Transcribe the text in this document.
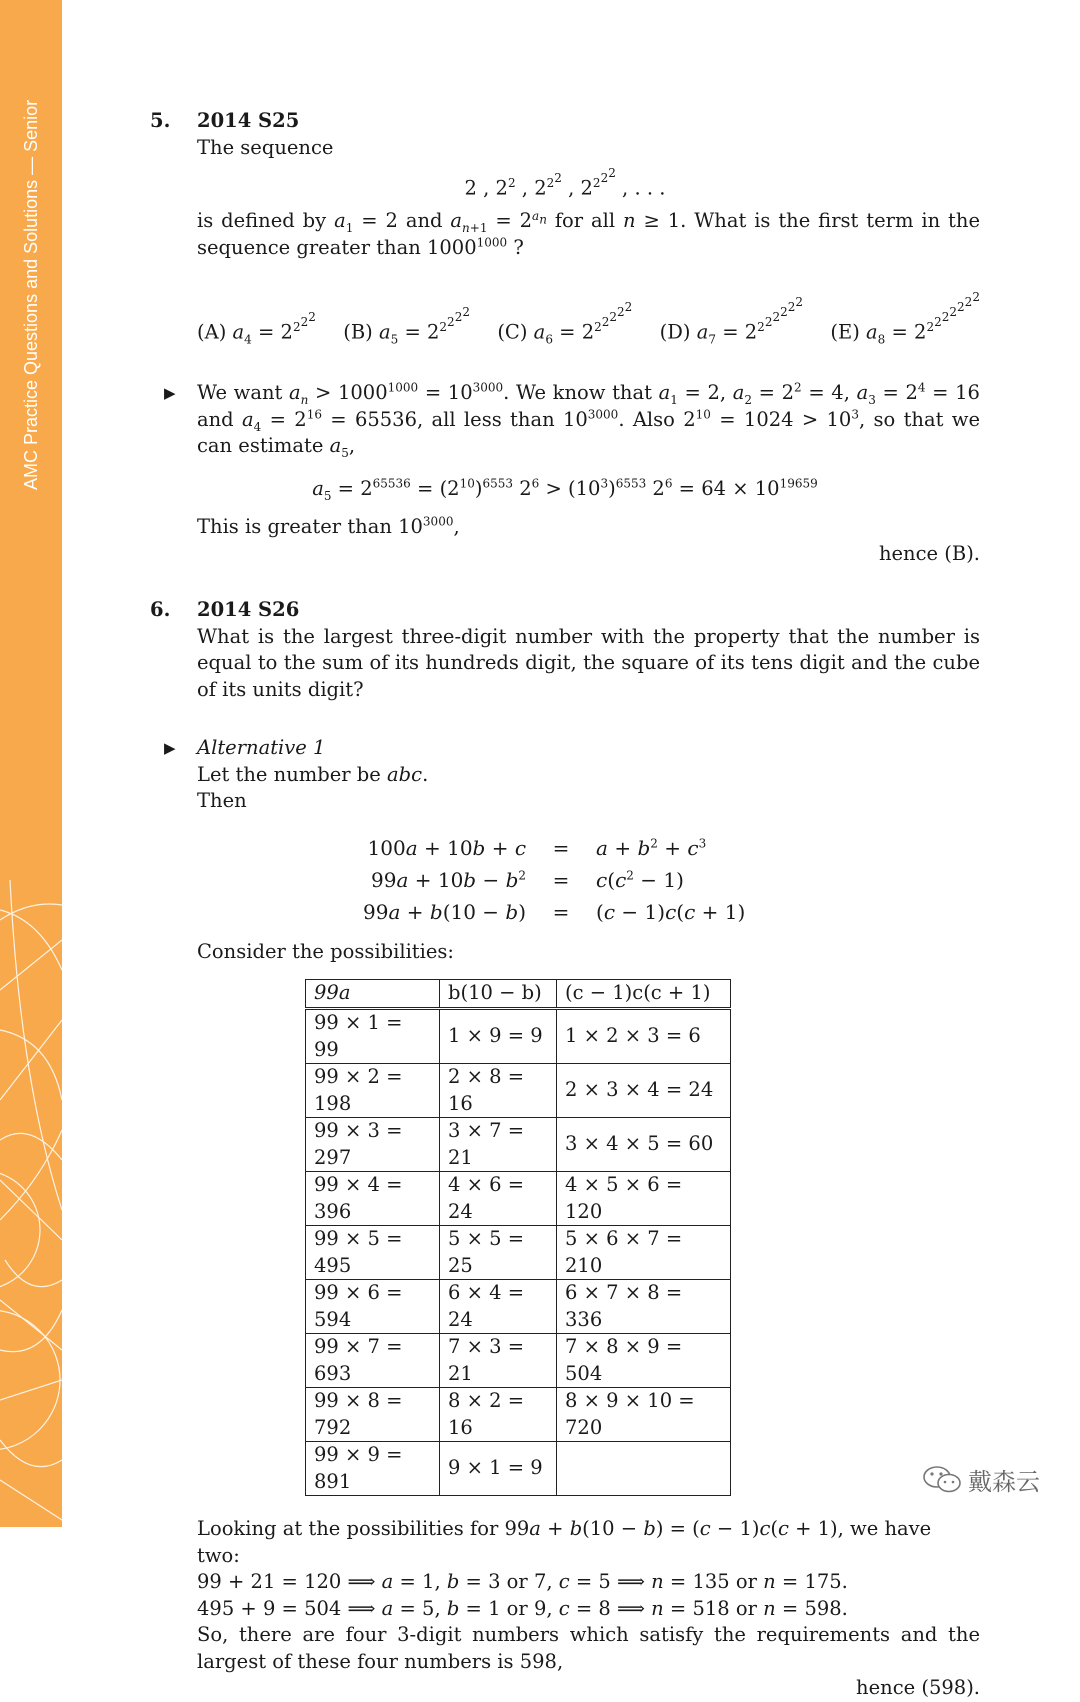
AMC Practice Questions and Solutions — Senior	5.	2014 S25
The sequence
2 , $2^2$ , $2^{2^2}$ , $2^{2^{2^2}}$ , . . .
is defined by $a_1 = 2$ and $a_{n+1} = 2^{a_n}$ for all n ≥ 1. What is the first term in the sequence greater than $1000^{1000}$ ?
(A) $a_4 = 2^{2^{2^2}}$
(B) $a_5 = 2^{2^{2^{2^2}}}$
(C) $a_6 = 2^{2^{2^{2^{2^2}}}}$
(D) $a_7 = 2^{2^{2^{2^{2^{2^2}}}}}$
(E) $a_8 = 2^{2^{2^{2^{2^{2^{2^2}}}}}}$
▶ We want $a_n > 1000^{1000} = 10^{3000}$. We know that $a_1 = 2$, $a_2 = 2^2 = 4$, $a_3 = 2^4 = 16$ and $a_4 = 2^{16} = 65536$, all less than $10^{3000}$. Also $2^{10} = 1024 > 10^3$, so that we can estimate $a_5$,
$a_5 = 2^{65536} = (2^{10})^{6553}$ $2^6 > (10^3)^{6553}$ $2^6 = 64 \times 10^{19659}$
This is greater than $10^{3000}$,
hence (B).
6.	2014 S26
What is the largest three-digit number with the property that the number is equal to the sum of its hundreds digit, the square of its tens digit and the cube of its units digit?
▶ Alternative 1
Let the number be abc.
Then
100a + 10b + c	=	$a + b^2 + c^3$
$99a + 10b - b^2$	=	$c(c^2 - 1)$
99a + b(10 − b)	=	(c − 1)c(c + 1)
Consider the possibilities:
99a	b(10 − b)	(c − 1)c(c + 1)
99 × 1 = 99	1 × 9 = 9	1 × 2 × 3 = 6
99 × 2 = 198	2 × 8 = 16	2 × 3 × 4 = 24
99 × 3 = 297	3 × 7 = 21	3 × 4 × 5 = 60
99 × 4 = 396	4 × 6 = 24	4 × 5 × 6 = 120
99 × 5 = 495	5 × 5 = 25	5 × 6 × 7 = 210
99 × 6 = 594	6 × 4 = 24	6 × 7 × 8 = 336
99 × 7 = 693	7 × 3 = 21	7 × 8 × 9 = 504
99 × 8 = 792	8 × 2 = 16	8 × 9 × 10 = 720
99 × 9 = 891	9 × 1 = 9	
Looking at the possibilities for 99a + b(10 − b) = (c − 1)c(c + 1), we have two:
99 + 21 = 120 ⟹ a = 1, b = 3 or 7, c = 5 ⟹ n = 135 or n = 175.
495 + 9 = 504 ⟹ a = 5, b = 1 or 9, c = 8 ⟹ n = 518 or n = 598.
So, there are four 3-digit numbers which satisfy the requirements and the largest of these four numbers is 598,
hence (598).
戴森云
